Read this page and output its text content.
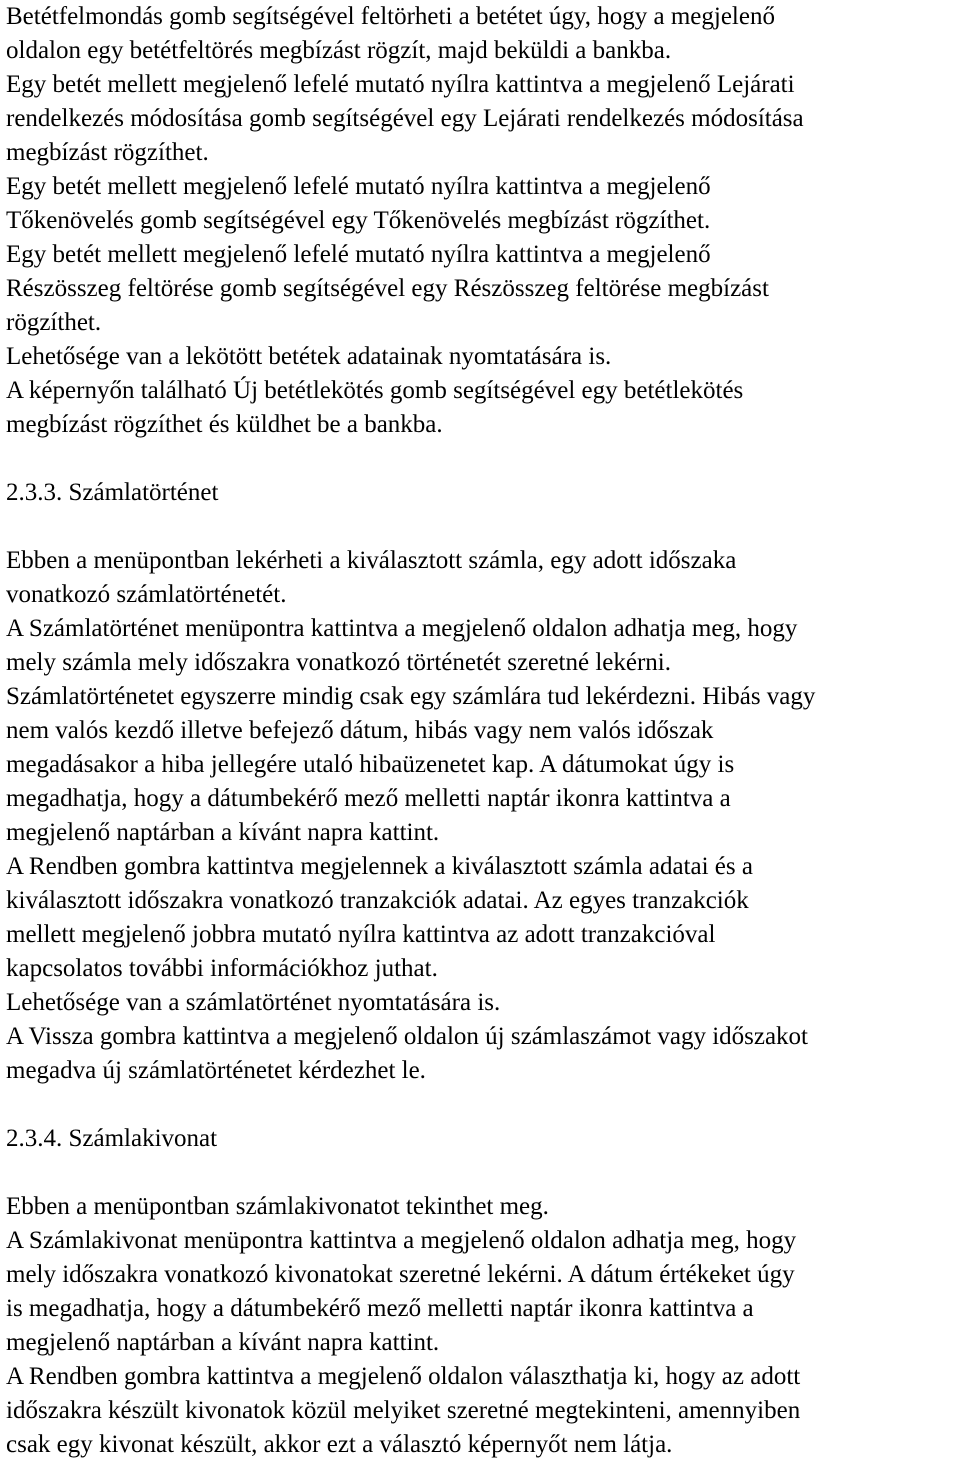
Betétfelmondás gomb segítségével feltörheti a betétet úgy, hogy a megjelenő
oldalon egy betétfeltörés megbízást rögzít, majd beküldi a bankba.
Egy betét mellett megjelenő lefelé mutató nyílra kattintva a megjelenő Lejárati
rendelkezés módosítása gomb segítségével egy Lejárati rendelkezés módosítása
megbízást rögzíthet.
Egy betét mellett megjelenő lefelé mutató nyílra kattintva a megjelenő
Tőkenövelés gomb segítségével egy Tőkenövelés megbízást rögzíthet.
Egy betét mellett megjelenő lefelé mutató nyílra kattintva a megjelenő
Részösszeg feltörése gomb segítségével egy Részösszeg feltörése megbízást
rögzíthet.
Lehetősége van a lekötött betétek adatainak nyomtatására is.
A képernyőn található Új betétlekötés gomb segítségével egy betétlekötés
megbízást rögzíthet és küldhet be a bankba.
2.3.3. Számlatörténet
Ebben a menüpontban lekérheti a kiválasztott számla, egy adott időszaka
vonatkozó számlatörténetét.
A Számlatörténet menüpontra kattintva a megjelenő oldalon adhatja meg, hogy
mely számla mely időszakra vonatkozó történetét szeretné lekérni.
Számlatörténetet egyszerre mindig csak egy számlára tud lekérdezni. Hibás vagy
nem valós kezdő illetve befejező dátum, hibás vagy nem valós időszak
megadásakor a hiba jellegére utaló hibaüzenetet kap. A dátumokat úgy is
megadhatja, hogy a dátumbekérő mező melletti naptár ikonra kattintva a
megjelenő naptárban a kívánt napra kattint.
A Rendben gombra kattintva megjelennek a kiválasztott számla adatai és a
kiválasztott időszakra vonatkozó tranzakciók adatai. Az egyes tranzakciók
mellett megjelenő jobbra mutató nyílra kattintva az adott tranzakcióval
kapcsolatos további információkhoz juthat.
Lehetősége van a számlatörténet nyomtatására is.
A Vissza gombra kattintva a megjelenő oldalon új számlaszámot vagy időszakot
megadva új számlatörténetet kérdezhet le.
2.3.4. Számlakivonat
Ebben a menüpontban számlakivonatot tekinthet meg.
A Számlakivonat menüpontra kattintva a megjelenő oldalon adhatja meg, hogy
mely időszakra vonatkozó kivonatokat szeretné lekérni. A dátum értékeket úgy
is megadhatja, hogy a dátumbekérő mező melletti naptár ikonra kattintva a
megjelenő naptárban a kívánt napra kattint.
A Rendben gombra kattintva a megjelenő oldalon választhatja ki, hogy az adott
időszakra készült kivonatok közül melyiket szeretné megtekinteni, amennyiben
csak egy kivonat készült, akkor ezt a választó képernyőt nem látja.
